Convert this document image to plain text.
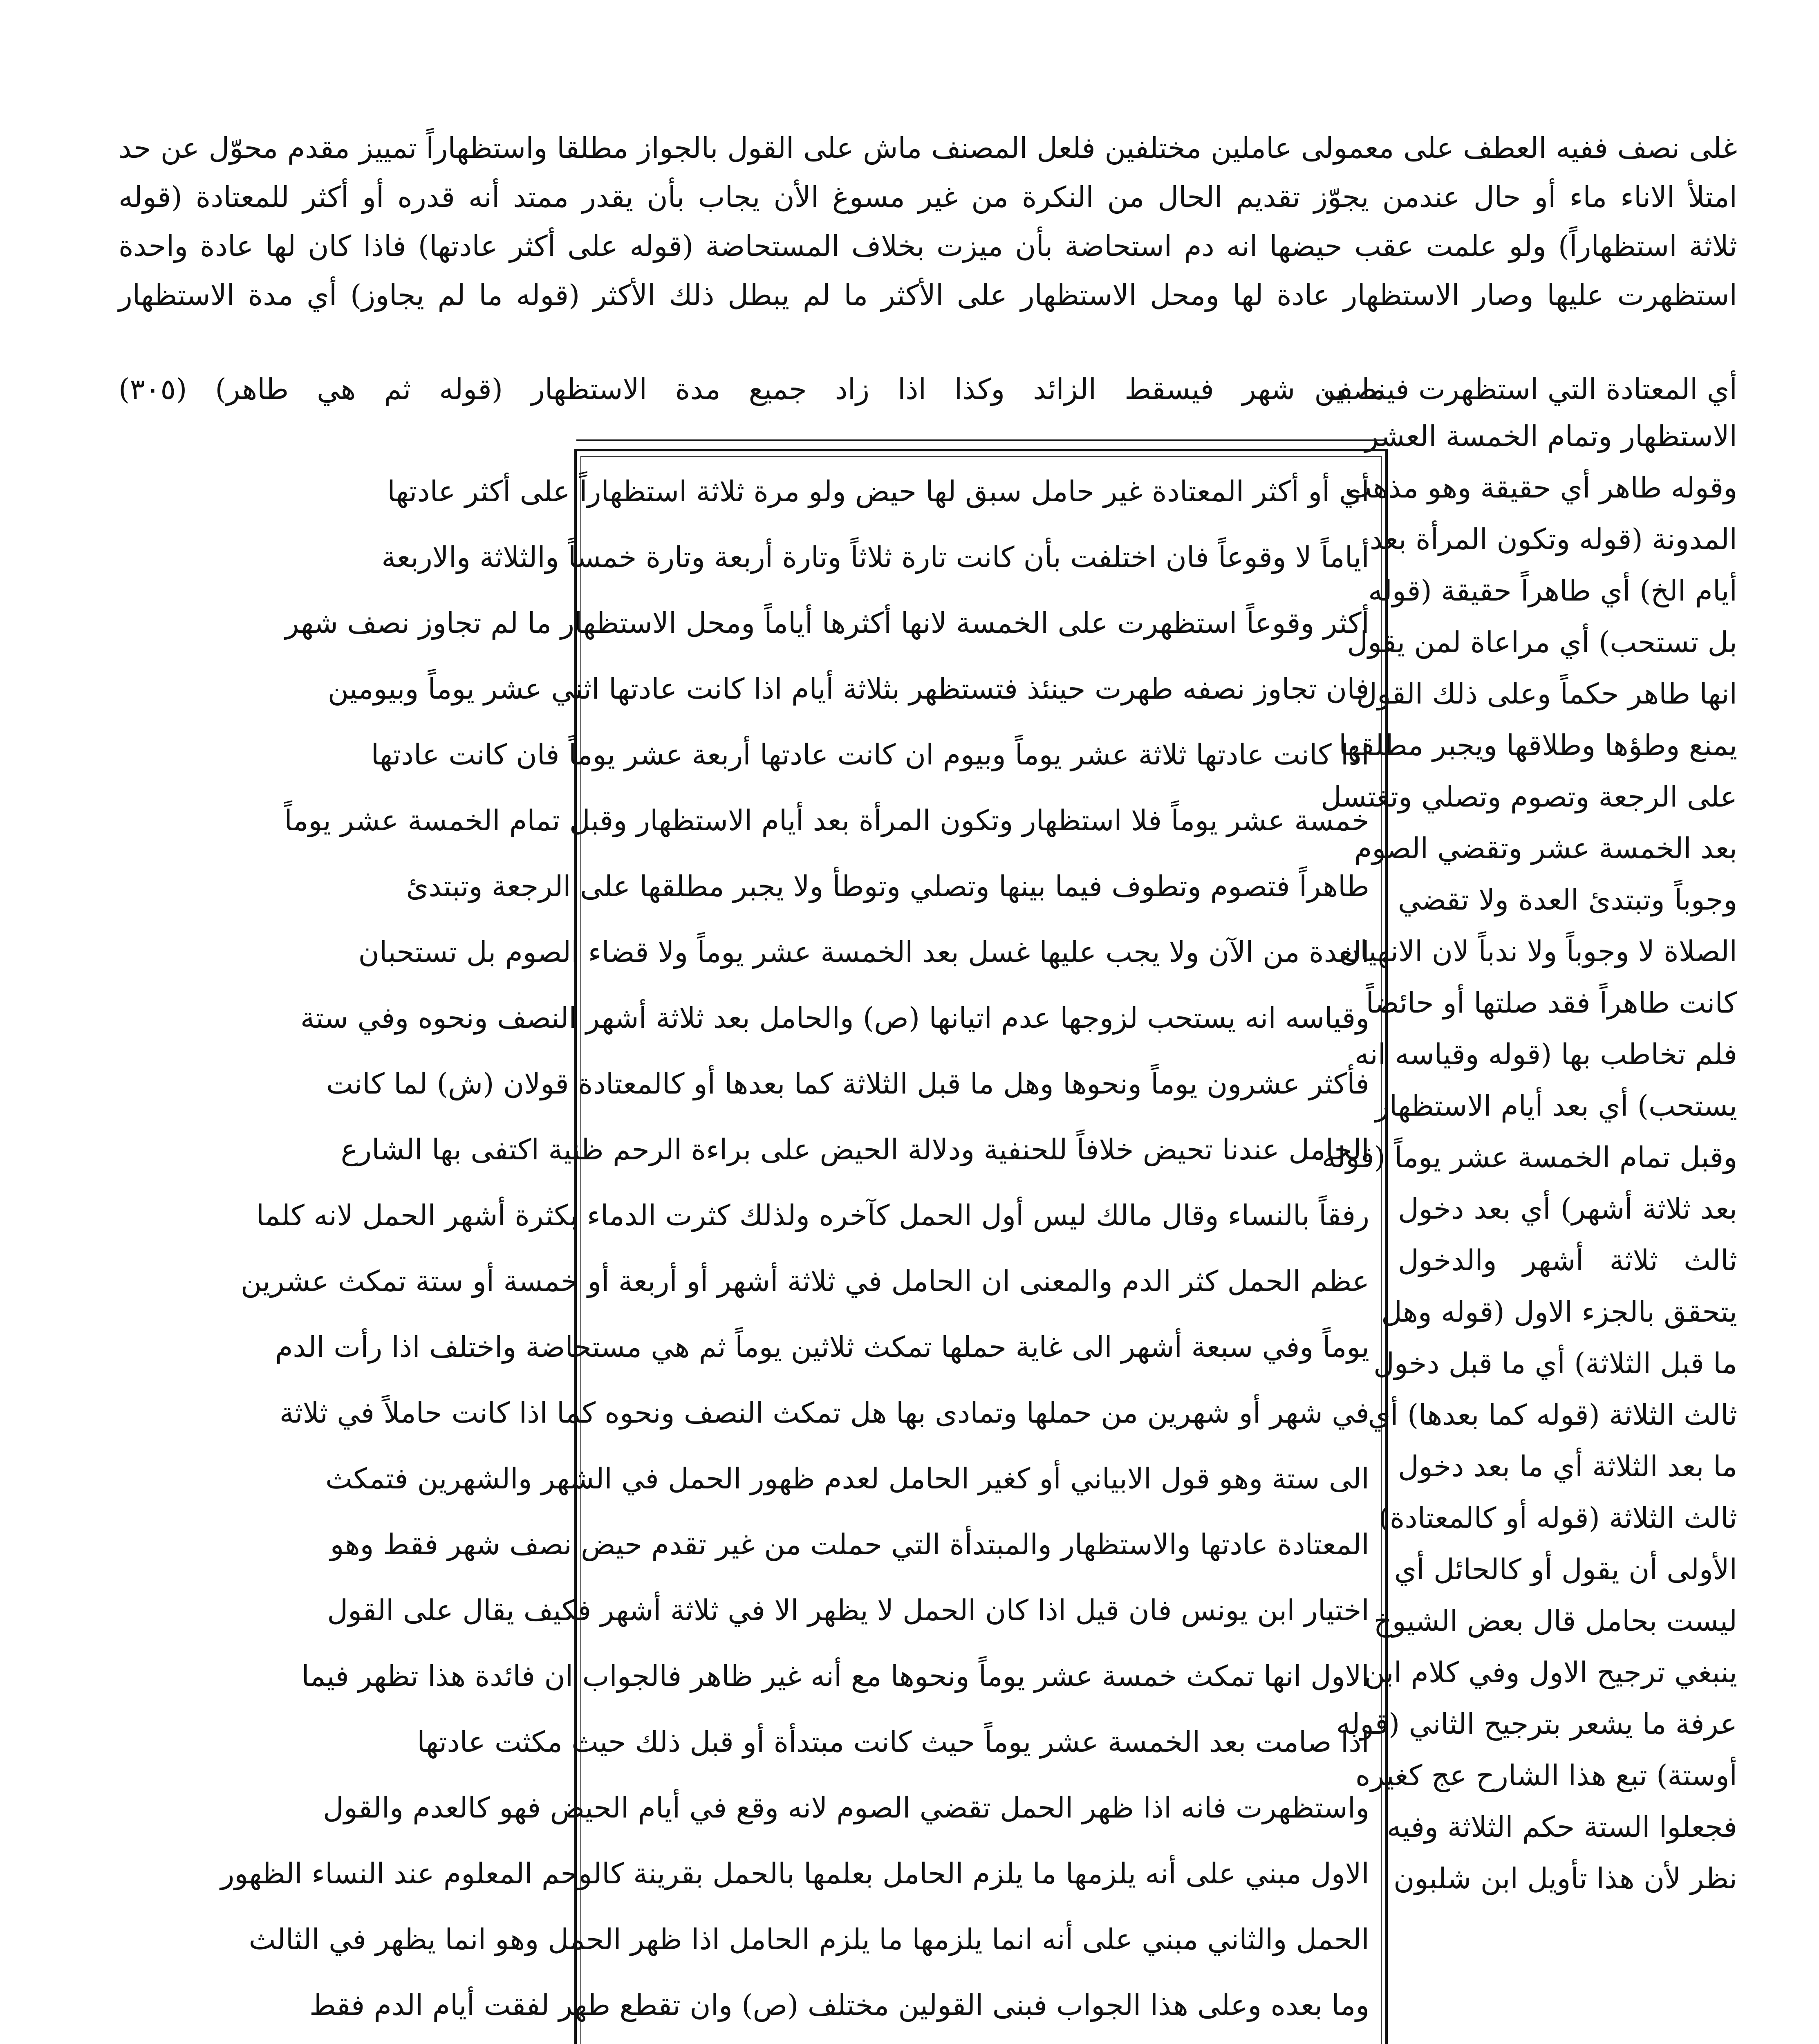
غلى نصف ففيه العطف على معمولى عاملين مختلفين فلعل المصنف ماش على القول بالجواز مطلقا واستظهاراً تمييز مقدم محوّل عن حد
امتلأ الاناء ماء أو حال عندمن يجوّز تقديم الحال من النكرة من غير مسوغ الأن يجاب بأن يقدر ممتد أنه قدره أو أكثر للمعتادة (قوله
ثلاثة استظهاراً) ولو علمت عقب حيضها انه دم استحاضة بأن ميزت بخلاف المستحاضة (قوله على أكثر عادتها) فاذا كان لها عادة واحدة
استظهرت عليها وصار الاستظهار عادة لها ومحل الاستظهار على الأكثر ما لم يبطل ذلك الأكثر (قوله ما لم يجاوز) أي مدة الاستظهار
نصف شهر فيسقط الزائد وكذا اذا زاد جميع مدة الاستظهار (قوله ثم هي طاهر) (٣٠٥)
أي المعتادة التي استظهرت فيما بين
الاستظهار وتمام الخمسة العشر
وقوله طاهر أي حقيقة وهو مذهب
المدونة (قوله وتكون المرأة بعد
أيام الخ) أي طاهراً حقيقة (قوله
بل تستحب) أي مراعاة لمن يقول
انها طاهر حكماً وعلى ذلك القول
يمنع وطؤها وطلاقها ويجبر مطلقها
على الرجعة وتصوم وتصلي وتغتسل
بعد الخمسة عشر وتقضي الصوم
وجوباً وتبتدئ العدة ولا تقضي
الصلاة لا وجوباً ولا ندباً لان الانهيان
كانت طاهراً فقد صلتها أو حائضاً
فلم تخاطب بها (قوله وقياسه انه
يستحب) أي بعد أيام الاستظهار
وقبل تمام الخمسة عشر يوماً (قوله
بعد ثلاثة أشهر) أي بعد دخول
ثالث ثلاثة أشهر والدخول
يتحقق بالجزء الاول (قوله وهل
ما قبل الثلاثة) أي ما قبل دخول
ثالث الثلاثة (قوله كما بعدها) أي
ما بعد الثلاثة أي ما بعد دخول
ثالث الثلاثة (قوله أو كالمعتادة)
الأولى أن يقول أو كالحائل أي
ليست بحامل قال بعض الشيوخ
ينبغي ترجيح الاول وفي كلام ابن
عرفة ما يشعر بترجيح الثاني (قوله
أوستة) تبع هذا الشارح عج كغيره
فجعلوا الستة حكم الثلاثة وفيه
نظر لأن هذا تأويل ابن شلبون
أي أو أكثر المعتادة غير حامل سبق لها حيض ولو مرة ثلاثة استظهاراً على أكثر عادتها
أياماً لا وقوعاً فان اختلفت بأن كانت تارة ثلاثاً وتارة أربعة وتارة خمساً والثلاثة والاربعة
أكثر وقوعاً استظهرت على الخمسة لانها أكثرها أياماً ومحل الاستظهار ما لم تجاوز نصف شهر
فان تجاوز نصفه طهرت حينئذ فتستظهر بثلاثة أيام اذا كانت عادتها اثني عشر يوماً وبيومين
اذا كانت عادتها ثلاثة عشر يوماً وبيوم ان كانت عادتها أربعة عشر يوماً فان كانت عادتها
خمسة عشر يوماً فلا استظهار وتكون المرأة بعد أيام الاستظهار وقبل تمام الخمسة عشر يوماً
طاهراً فتصوم وتطوف فيما بينها وتصلي وتوطأ ولا يجبر مطلقها على الرجعة وتبتدئ
العدة من الآن ولا يجب عليها غسل بعد الخمسة عشر يوماً ولا قضاء الصوم بل تستحبان
وقياسه انه يستحب لزوجها عدم اتيانها (ص) والحامل بعد ثلاثة أشهر النصف ونحوه وفي ستة
فأكثر عشرون يوماً ونحوها وهل ما قبل الثلاثة كما بعدها أو كالمعتادة قولان (ش) لما كانت
الحامل عندنا تحيض خلافاً للحنفية ودلالة الحيض على براءة الرحم ظنية اكتفى بها الشارع
رفقاً بالنساء وقال مالك ليس أول الحمل كآخره ولذلك كثرت الدماء بكثرة أشهر الحمل لانه كلما
عظم الحمل كثر الدم والمعنى ان الحامل في ثلاثة أشهر أو أربعة أو خمسة أو ستة تمكث عشرين
يوماً وفي سبعة أشهر الى غاية حملها تمكث ثلاثين يوماً ثم هي مستحاضة واختلف اذا رأت الدم
في شهر أو شهرين من حملها وتمادى بها هل تمكث النصف ونحوه كما اذا كانت حاملاً في ثلاثة
الى ستة وهو قول الابياني أو كغير الحامل لعدم ظهور الحمل في الشهر والشهرين فتمكث
المعتادة عادتها والاستظهار والمبتدأة التي حملت من غير تقدم حيض نصف شهر فقط وهو
اختيار ابن يونس فان قيل اذا كان الحمل لا يظهر الا في ثلاثة أشهر فكيف يقال على القول
الاول انها تمكث خمسة عشر يوماً ونحوها مع أنه غير ظاهر فالجواب ان فائدة هذا تظهر فيما
اذا صامت بعد الخمسة عشر يوماً حيث كانت مبتدأة أو قبل ذلك حيث مكثت عادتها
واستظهرت فانه اذا ظهر الحمل تقضي الصوم لانه وقع في أيام الحيض فهو كالعدم والقول
الاول مبني على أنه يلزمها ما يلزم الحامل بعلمها بالحمل بقرينة كالوحم المعلوم عند النساء الظهور
الحمل والثاني مبني على أنه انما يلزمها ما يلزم الحامل اذا ظهر الحمل وهو انما يظهر في الثالث
وما بعده وعلى هذا الجواب فبنى القولين مختلف (ص) وان تقطع طهر لفقت أيام الدم فقط
